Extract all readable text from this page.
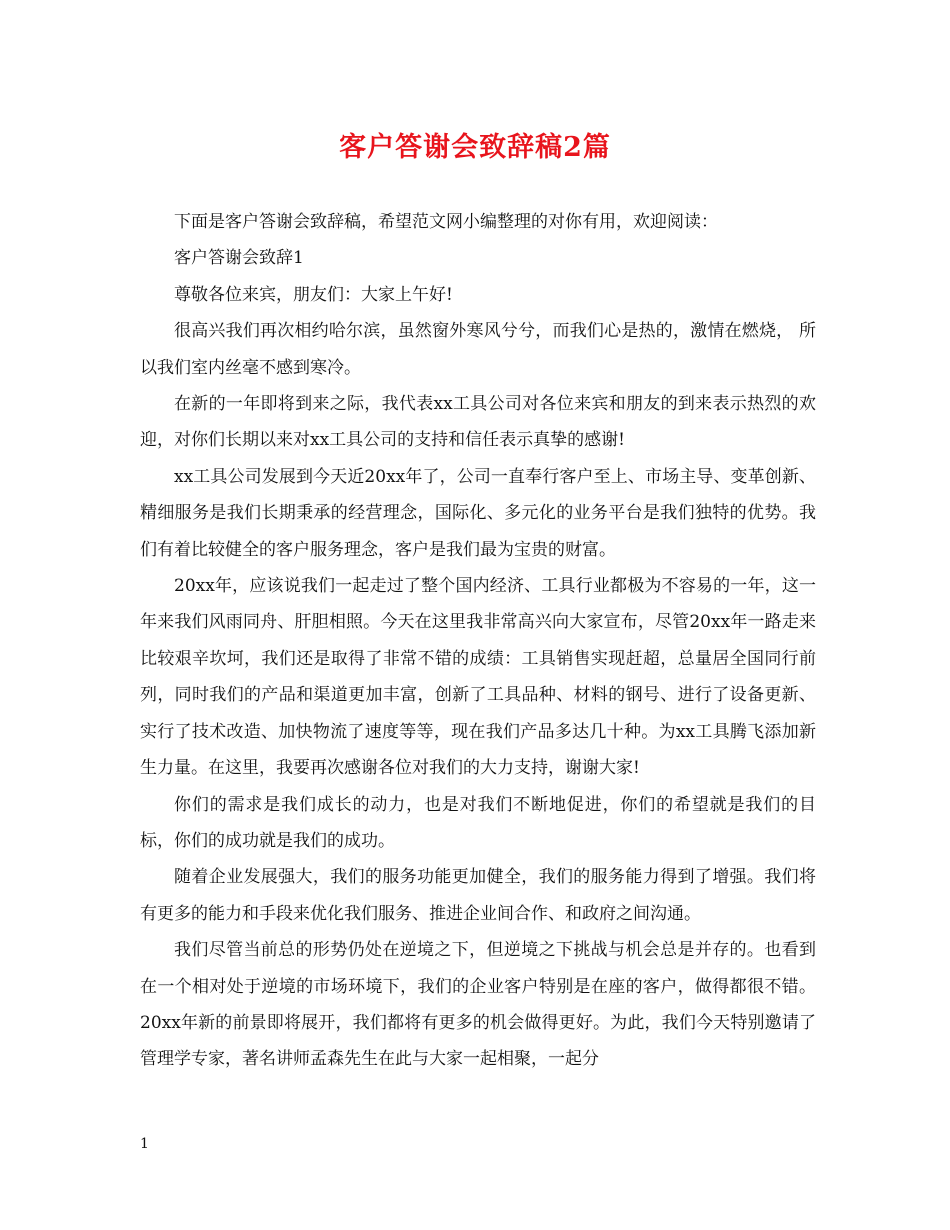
客户答谢会致辞稿2篇

下面是客户答谢会致辞稿，希望范文网小编整理的对你有用，欢迎阅读：

客户答谢会致辞1

尊敬各位来宾，朋友们：大家上午好!

很高兴我们再次相约哈尔滨，虽然窗外寒风兮兮，而我们心是热的，激情在燃烧， 所以我们室内丝毫不感到寒冷。

在新的一年即将到来之际，我代表xx工具公司对各位来宾和朋友的到来表示热烈的欢迎，对你们长期以来对xx工具公司的支持和信任表示真挚的感谢!

xx工具公司发展到今天近20xx年了，公司一直奉行客户至上、市场主导、变革创新、精细服务是我们长期秉承的经营理念，国际化、多元化的业务平台是我们独特的优势。我们有着比较健全的客户服务理念，客户是我们最为宝贵的财富。

20xx年，应该说我们一起走过了整个国内经济、工具行业都极为不容易的一年，这一年来我们风雨同舟、肝胆相照。今天在这里我非常高兴向大家宣布，尽管20xx年一路走来比较艰辛坎坷，我们还是取得了非常不错的成绩：工具销售实现赶超，总量居全国同行前列，同时我们的产品和渠道更加丰富，创新了工具品种、材料的钢号、进行了设备更新、实行了技术改造、加快物流了速度等等，现在我们产品多达几十种。为xx工具腾飞添加新生力量。在这里，我要再次感谢各位对我们的大力支持，谢谢大家!

你们的需求是我们成长的动力，也是对我们不断地促进，你们的希望就是我们的目标，你们的成功就是我们的成功。

随着企业发展强大，我们的服务功能更加健全，我们的服务能力得到了增强。我们将有更多的能力和手段来优化我们服务、推进企业间合作、和政府之间沟通。

我们尽管当前总的形势仍处在逆境之下，但逆境之下挑战与机会总是并存的。也看到在一个相对处于逆境的市场环境下，我们的企业客户特别是在座的客户，做得都很不错。20xx年新的前景即将展开，我们都将有更多的机会做得更好。为此，我们今天特别邀请了管理学专家，著名讲师孟森先生在此与大家一起相聚，一起分

1
